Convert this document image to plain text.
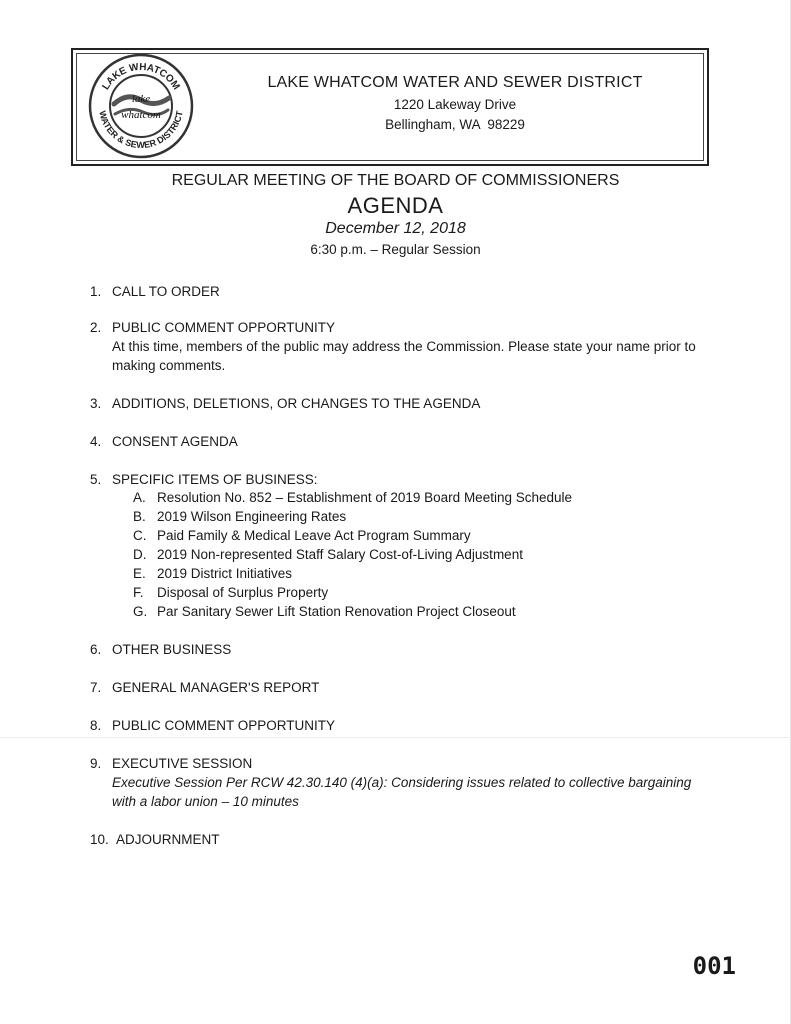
LAKE WHATCOM
WATER & SEWER DISTRICT
lake
whatcom
LAKE WHATCOM WATER AND SEWER DISTRICT
1220 Lakeway Drive
Bellingham, WA  98229
REGULAR MEETING OF THE BOARD OF COMMISSIONERS
AGENDA
December 12, 2018
6:30 p.m. – Regular Session
1. CALL TO ORDER
2. PUBLIC COMMENT OPPORTUNITY
At this time, members of the public may address the Commission. Please state your name prior to making comments.
3. ADDITIONS, DELETIONS, OR CHANGES TO THE AGENDA
4. CONSENT AGENDA
5. SPECIFIC ITEMS OF BUSINESS:
A. Resolution No. 852 – Establishment of 2019 Board Meeting Schedule
B. 2019 Wilson Engineering Rates
C. Paid Family & Medical Leave Act Program Summary
D. 2019 Non-represented Staff Salary Cost-of-Living Adjustment
E. 2019 District Initiatives
F. Disposal of Surplus Property
G. Par Sanitary Sewer Lift Station Renovation Project Closeout
6. OTHER BUSINESS
7. GENERAL MANAGER'S REPORT
8. PUBLIC COMMENT OPPORTUNITY
9. EXECUTIVE SESSION
Executive Session Per RCW 42.30.140 (4)(a): Considering issues related to collective bargaining with a labor union – 10 minutes
10. ADJOURNMENT
001
